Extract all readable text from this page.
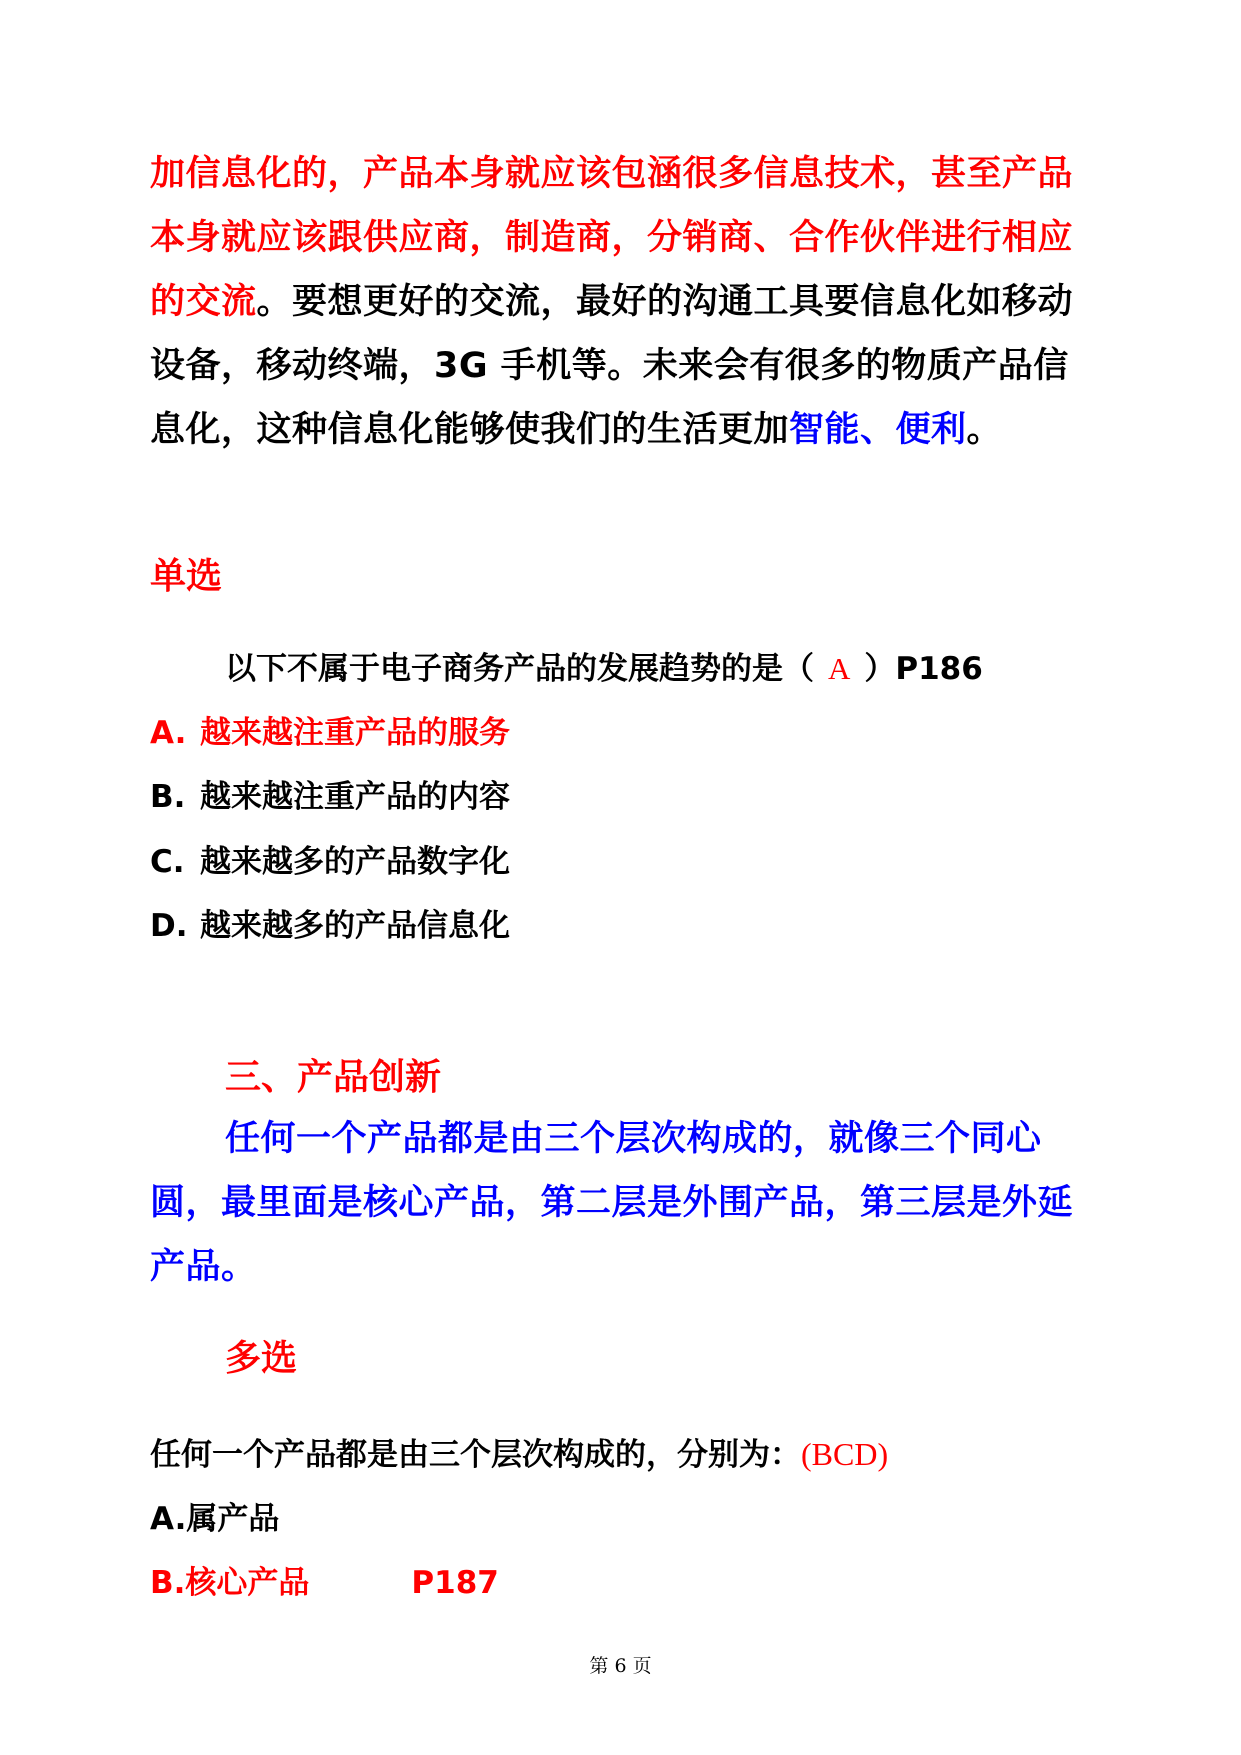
加信息化的，产品本身就应该包涵很多信息技术，甚至产品本身就应该跟供应商，制造商，分销商、合作伙伴进行相应的交流。要想更好的交流，最好的沟通工具要信息化如移动设备，移动终端，3G 手机等。未来会有很多的物质产品信息化，这种信息化能够使我们的生活更加智能、便利。
单选
以下不属于电子商务产品的发展趋势的是（ A ）P186
A. 越来越注重产品的服务
B. 越来越注重产品的内容
C. 越来越多的产品数字化
D. 越来越多的产品信息化
三、产品创新
任何一个产品都是由三个层次构成的，就像三个同心圆，最里面是核心产品，第二层是外围产品，第三层是外延产品。
多选
任何一个产品都是由三个层次构成的，分别为：(BCD)
A.属产品
B.核心产品	P187
第 6 页
